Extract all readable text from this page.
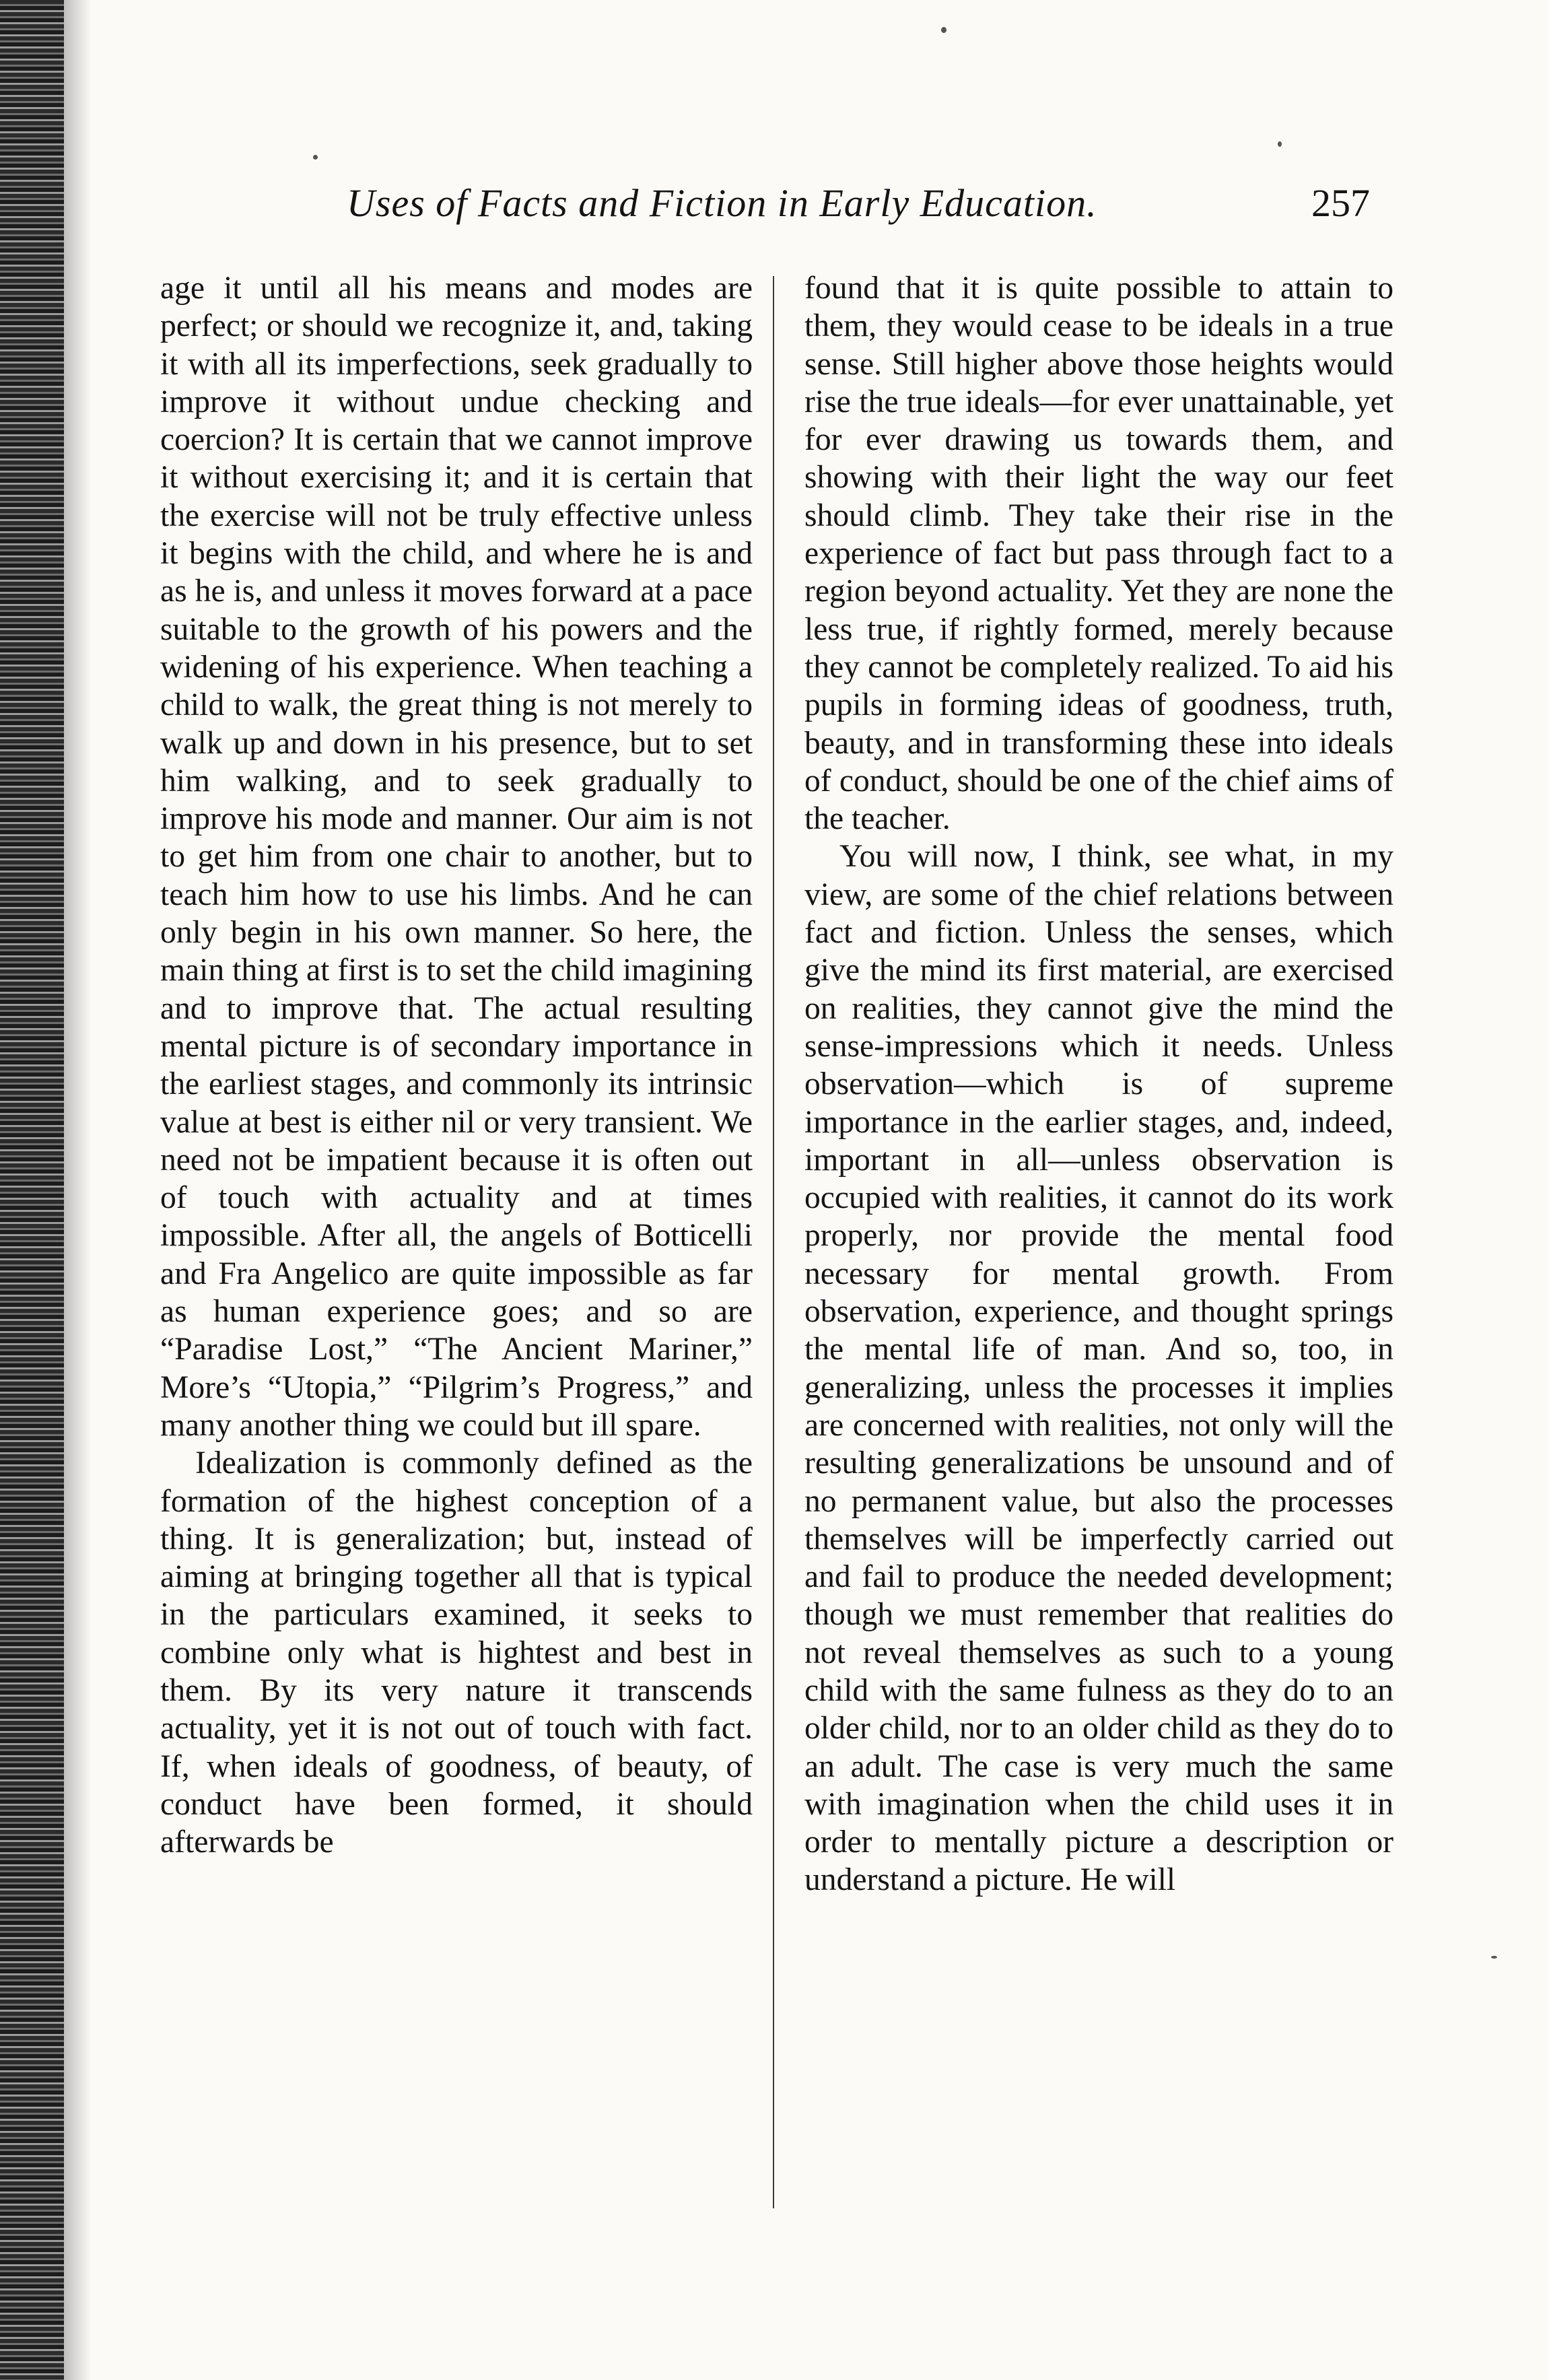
Uses of Facts and Fiction in Early Education.	257

age it until all his means and modes are perfect; or should we recognize it, and, taking it with all its imperfections, seek gradually to improve it without undue checking and coercion? It is certain that we cannot improve it without exercising it; and it is certain that the exercise will not be truly effective unless it begins with the child, and where he is and as he is, and unless it moves forward at a pace suitable to the growth of his powers and the widening of his experience. When teaching a child to walk, the great thing is not merely to walk up and down in his presence, but to set him walking, and to seek gradually to improve his mode and manner. Our aim is not to get him from one chair to another, but to teach him how to use his limbs. And he can only begin in his own manner. So here, the main thing at first is to set the child imagining and to improve that. The actual resulting mental picture is of secondary importance in the earliest stages, and commonly its intrinsic value at best is either nil or very transient. We need not be impatient because it is often out of touch with actuality and at times impossible. After all, the angels of Botticelli and Fra Angelico are quite impossible as far as human experience goes; and so are “Paradise Lost,” “The Ancient Mariner,” More’s “Utopia,” “Pilgrim’s Progress,” and many another thing we could but ill spare.

Idealization is commonly defined as the formation of the highest conception of a thing. It is generalization; but, instead of aiming at bringing together all that is typical in the particulars examined, it seeks to combine only what is hightest and best in them. By its very nature it transcends actuality, yet it is not out of touch with fact. If, when ideals of goodness, of beauty, of conduct have been formed, it should afterwards be

found that it is quite possible to attain to them, they would cease to be ideals in a true sense. Still higher above those heights would rise the true ideals—for ever unattainable, yet for ever drawing us towards them, and showing with their light the way our feet should climb. They take their rise in the experience of fact but pass through fact to a region beyond actuality. Yet they are none the less true, if rightly formed, merely because they cannot be completely realized. To aid his pupils in forming ideas of goodness, truth, beauty, and in transforming these into ideals of conduct, should be one of the chief aims of the teacher.

You will now, I think, see what, in my view, are some of the chief relations between fact and fiction. Unless the senses, which give the mind its first material, are exercised on realities, they cannot give the mind the sense-impressions which it needs. Unless observation—which is of supreme importance in the earlier stages, and, indeed, important in all—unless observation is occupied with realities, it cannot do its work properly, nor provide the mental food necessary for mental growth. From observation, experience, and thought springs the mental life of man. And so, too, in generalizing, unless the processes it implies are concerned with realities, not only will the resulting generalizations be unsound and of no permanent value, but also the processes themselves will be imperfectly carried out and fail to produce the needed development; though we must remember that realities do not reveal themselves as such to a young child with the same fulness as they do to an older child, nor to an older child as they do to an adult. The case is very much the same with imagination when the child uses it in order to mentally picture a description or understand a picture. He will
